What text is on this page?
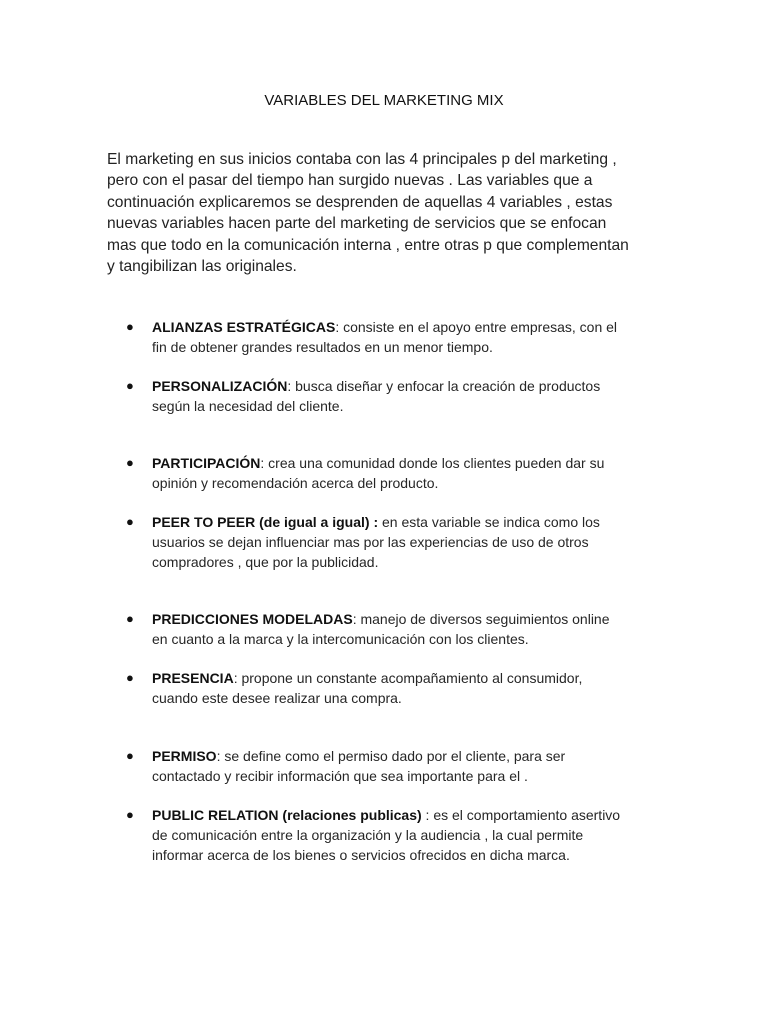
VARIABLES DEL MARKETING MIX
El marketing en sus inicios contaba con las 4 principales p del marketing ,
pero con el pasar del tiempo han surgido nuevas . Las variables que a
continuación explicaremos se desprenden de aquellas 4 variables , estas
nuevas variables hacen parte del marketing de servicios que se enfocan
mas que todo en la comunicación interna , entre otras p que complementan
y tangibilizan las originales.
●	ALIANZAS ESTRATÉGICAS: consiste en el apoyo entre empresas, con el
fin de obtener grandes resultados en un menor tiempo.
●	PERSONALIZACIÓN: busca diseñar y enfocar la creación de productos
según la necesidad del cliente.
●	PARTICIPACIÓN: crea una comunidad donde los clientes pueden dar su
opinión y recomendación acerca del producto.
●	PEER TO PEER (de igual a igual) : en esta variable se indica como los
usuarios se dejan influenciar mas por las experiencias de uso de otros
compradores , que por la publicidad.
●	PREDICCIONES MODELADAS: manejo de diversos seguimientos online
en cuanto a la marca y la intercomunicación con los clientes.
●	PRESENCIA: propone un constante acompañamiento al consumidor,
cuando este desee realizar una compra.
●	PERMISO: se define como el permiso dado por el cliente, para ser
contactado y recibir información que sea importante para el .
●	PUBLIC RELATION (relaciones publicas) : es el comportamiento asertivo
de comunicación entre la organización y la audiencia , la cual permite
informar acerca de los bienes o servicios ofrecidos en dicha marca.
